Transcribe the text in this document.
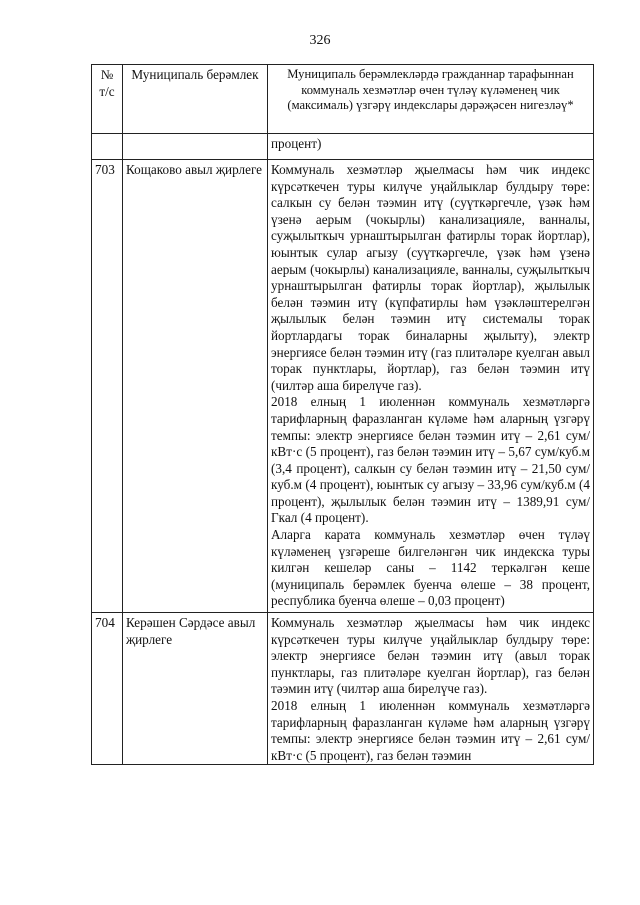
326
№ т/с	Муниципаль берәмлек	Муниципаль берәмлекләрдә гражданнар тарафыннан коммуналь хезмәтләр өчен түләү күләменең чик (максималь) үзгәрү индекслары дәрәҗәсен нигезләү*
		процент)
703	Кощаково авыл җирлеге	Коммуналь хезмәтләр җыелмасы һәм чик индекс күрсәткечен туры килүче уңайлыклар булдыру төре: салкын су белән тәэмин итү (суүткәргечле, үзәк һәм үзенә аерым (чокырлы) канализацияле, ванналы, суҗылыткыч урнаштырылган фатирлы торак йортлар), юынтык сулар агызу (суүткәргечле, үзәк һәм үзенә аерым (чокырлы) канализацияле, ванналы, суҗылыткыч урнаштырылган фатирлы торак йортлар), җылылык белән тәэмин итү (күпфатирлы һәм үзәкләштерелгән җылылык белән тәэмин итү системалы торак йортлардагы торак биналарны җылыту), электр энергиясе белән тәэмин итү (газ плитәләре куелган авыл торак пунктлары, йортлар), газ белән тәэмин итү (чилтәр аша бирелүче газ).

2018 елның 1 июленнән коммуналь хезмәтләргә тарифларның фаразланган күләме һәм аларның үзгәрү темпы: электр энергиясе белән тәэмин итү – 2,61 сум/кВт·с (5 процент), газ белән тәэмин итү – 5,67 сум/куб.м (3,4 процент), салкын су белән тәэмин итү – 21,50 сум/куб.м (4 процент), юынтык су агызу – 33,96 сум/куб.м (4 процент), җылылык белән тәэмин итү – 1389,91 сум/Гкал (4 процент).

Аларга карата коммуналь хезмәтләр өчен түләү күләменең үзгәреше билгеләнгән чик индекска туры килгән кешеләр саны – 1142 теркәлгән кеше (муниципаль берәмлек буенча өлеше – 38 процент, республика буенча өлеше – 0,03 процент)

704	Керәшен Сәрдәсе авыл җирлеге	Коммуналь хезмәтләр җыелмасы һәм чик индекс күрсәткечен туры килүче уңайлыклар булдыру төре: электр энергиясе белән тәэмин итү (авыл торак пунктлары, газ плитәләре куелган йортлар), газ белән тәэмин итү (чилтәр аша бирелүче газ).

2018 елның 1 июленнән коммуналь хезмәтләргә тарифларның фаразланган күләме һәм аларның үзгәрү темпы: электр энергиясе белән тәэмин итү – 2,61 сум/кВт·с (5 процент), газ белән тәэмин
